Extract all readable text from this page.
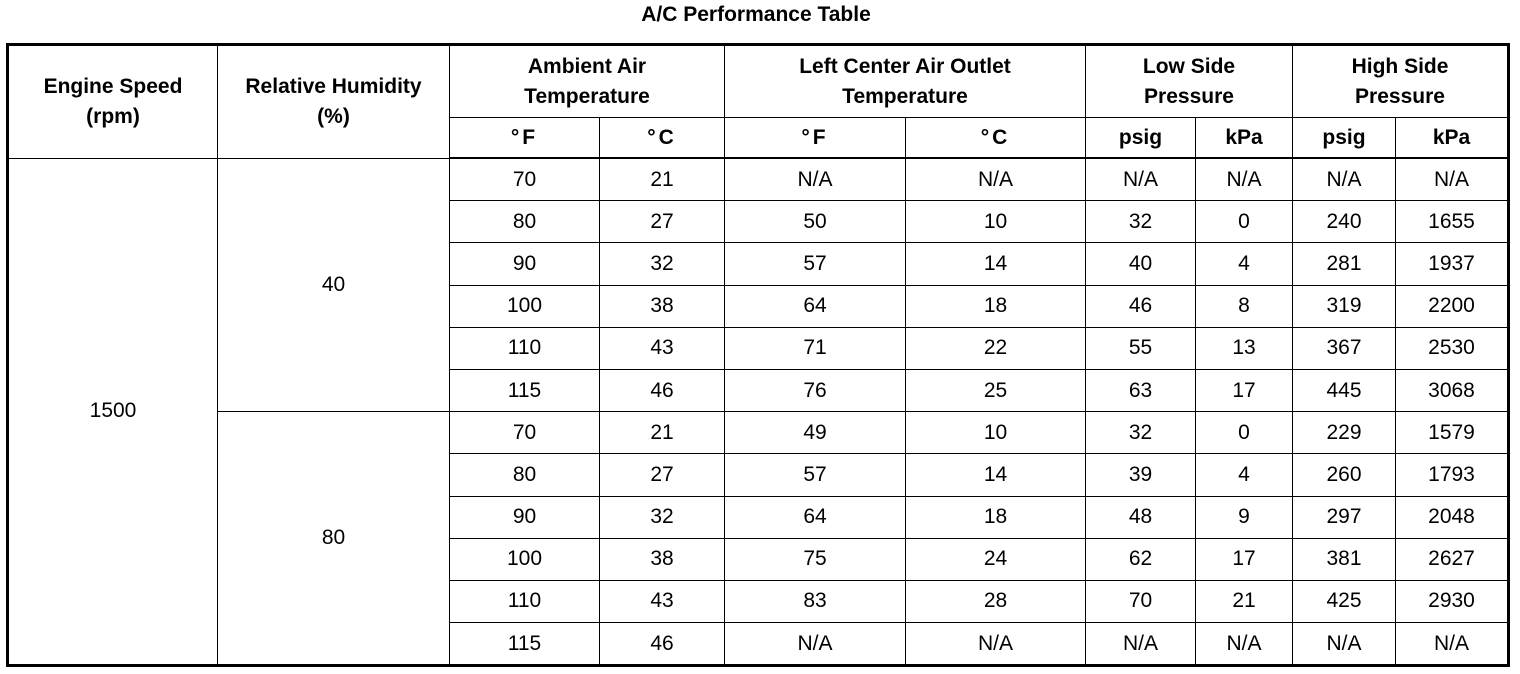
A/C Performance Table
Engine Speed (rpm)	Relative Humidity (%)	Ambient Air Temperature		Left Center Air Outlet Temperature		Low Side Pressure		High Side Pressure	
		°F	°C	°F	°C	psig	kPa	psig	kPa
1500	40	70	21	N/A	N/A	N/A	N/A	N/A	N/A
		80	27	50	10	32	0	240	1655
		90	32	57	14	40	4	281	1937
		100	38	64	18	46	8	319	2200
		110	43	71	22	55	13	367	2530
		115	46	76	25	63	17	445	3068
	80	70	21	49	10	32	0	229	1579
		80	27	57	14	39	4	260	1793
		90	32	64	18	48	9	297	2048
		100	38	75	24	62	17	381	2627
		110	43	83	28	70	21	425	2930
		115	46	N/A	N/A	N/A	N/A	N/A	N/A
